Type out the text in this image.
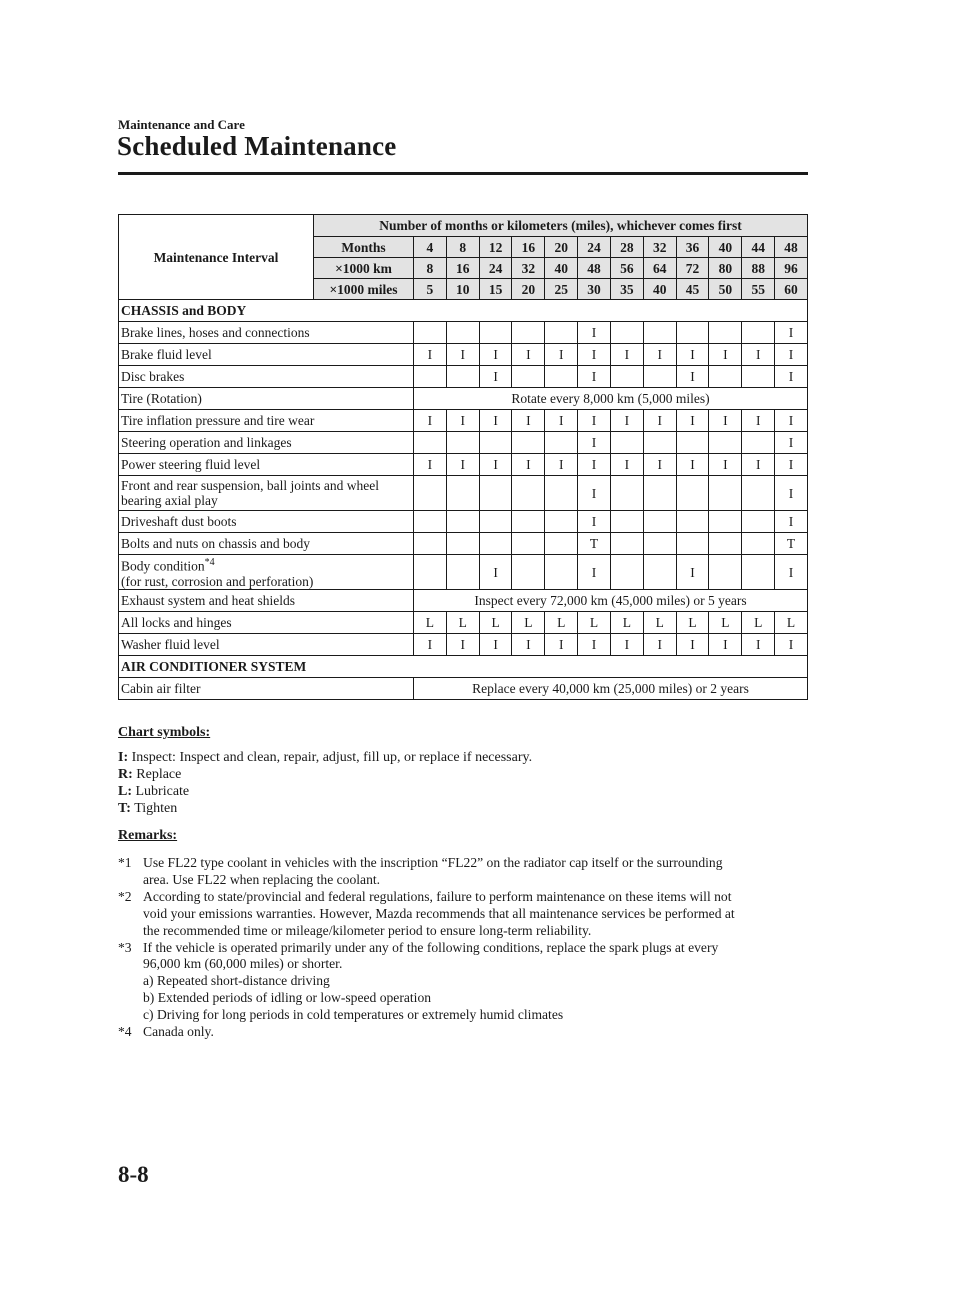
Maintenance and Care
Scheduled Maintenance
Maintenance Interval	Number of months or kilometers (miles), whichever comes first												
	Months	4	8	12	16	20	24	28	32	36	40	44	48
	×1000 km	8	16	24	32	40	48	56	64	72	80	88	96
	×1000 miles	5	10	15	20	25	30	35	40	45	50	55	60
CHASSIS and BODY													
Brake lines, hoses and connections							I						I
Brake fluid level		I	I	I	I	I	I	I	I	I	I	I	I
Disc brakes				I			I			I			I
Tire (Rotation)		Rotate every 8,000 km (5,000 miles)											
Tire inflation pressure and tire wear		I	I	I	I	I	I	I	I	I	I	I	I
Steering operation and linkages							I						I
Power steering fluid level		I	I	I	I	I	I	I	I	I	I	I	I
Front and rear suspension, ball joints and wheel
bearing axial play							I						I
Driveshaft dust boots							I						I
Bolts and nuts on chassis and body							T						T
Body condition$^{*4}$
(for rust, corrosion and perforation)				I			I			I			I
Exhaust system and heat shields		Inspect every 72,000 km (45,000 miles) or 5 years											
All locks and hinges		L	L	L	L	L	L	L	L	L	L	L	L
Washer fluid level		I	I	I	I	I	I	I	I	I	I	I	I
AIR CONDITIONER SYSTEM													
Cabin air filter		Replace every 40,000 km (25,000 miles) or 2 years											
Chart symbols:
I: Inspect: Inspect and clean, repair, adjust, fill up, or replace if necessary.
R: Replace
L: Lubricate
T: Tighten
Remarks:
*1 Use FL22 type coolant in vehicles with the inscription “FL22” on the radiator cap itself or the surrounding
area. Use FL22 when replacing the coolant.
*2 According to state/provincial and federal regulations, failure to perform maintenance on these items will not
void your emissions warranties. However, Mazda recommends that all maintenance services be performed at
the recommended time or mileage/kilometer period to ensure long-term reliability.
*3 If the vehicle is operated primarily under any of the following conditions, replace the spark plugs at every
96,000 km (60,000 miles) or shorter.
a) Repeated short-distance driving
b) Extended periods of idling or low-speed operation
c) Driving for long periods in cold temperatures or extremely humid climates
*4 Canada only.
8-8
